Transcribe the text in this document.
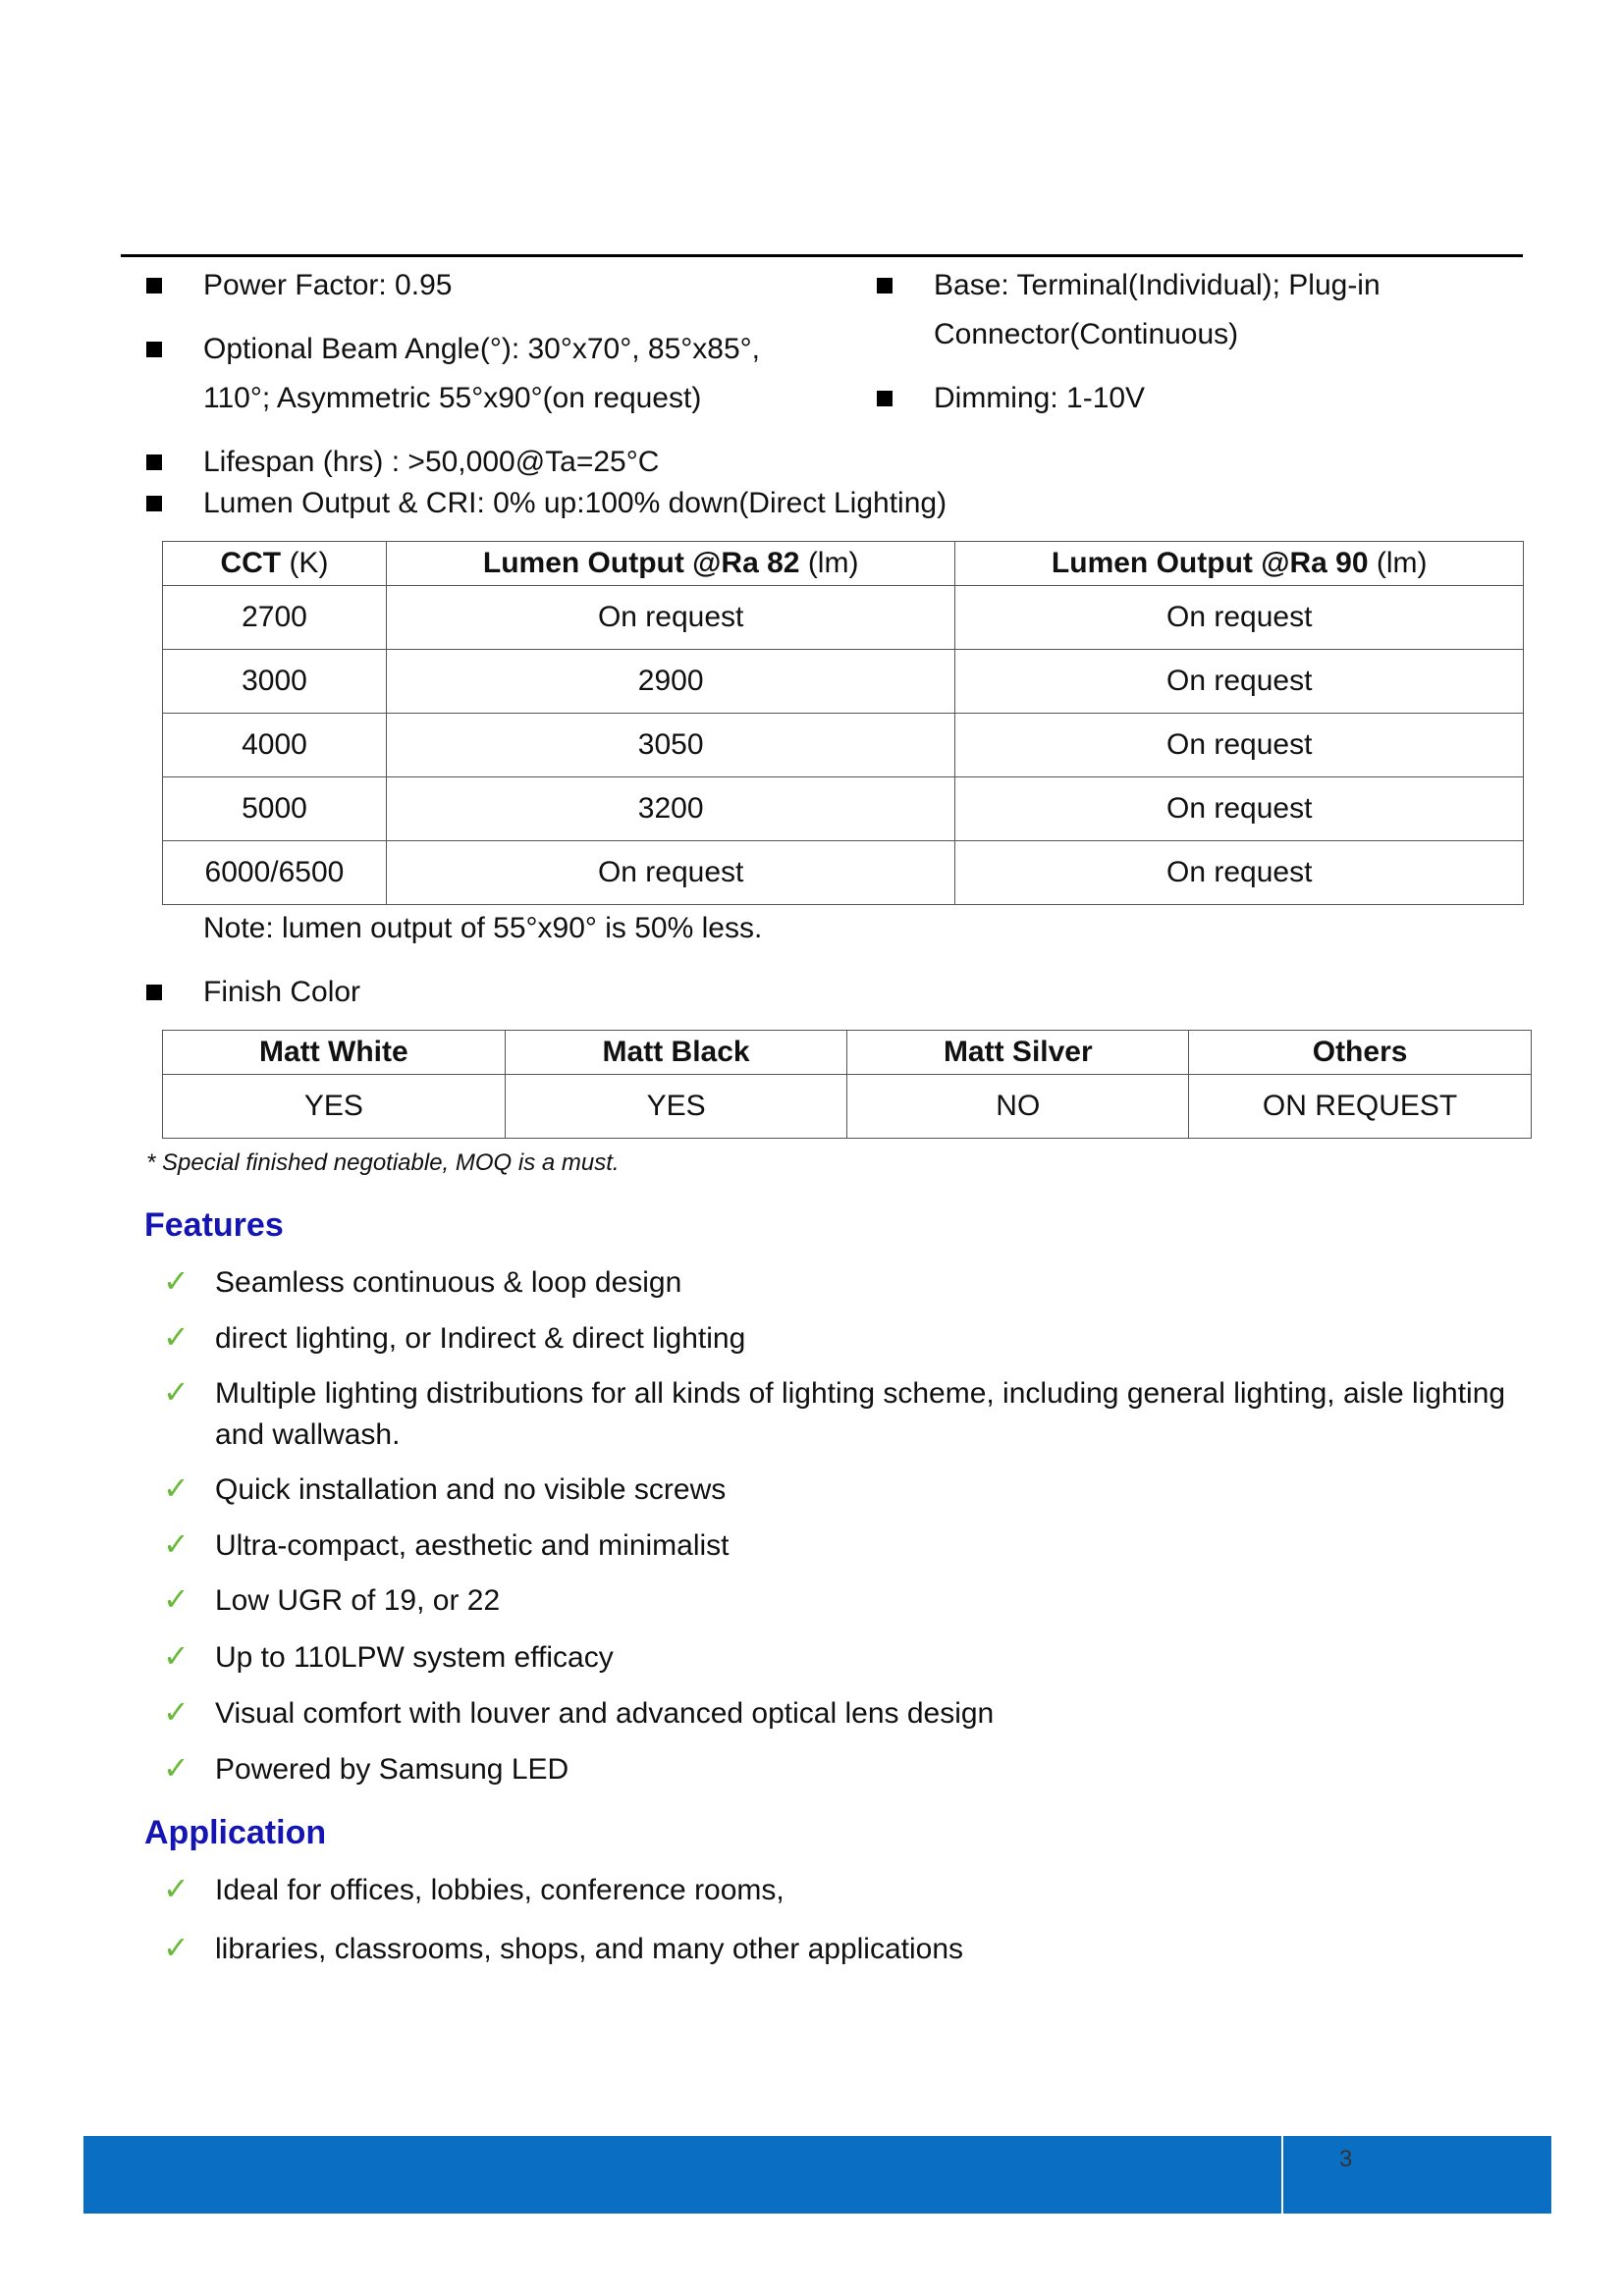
Power Factor: 0.95
Optional Beam Angle(°): 30°x70°, 85°x85°,
110°; Asymmetric 55°x90°(on request)
Lifespan (hrs) : >50,000@Ta=25°C
Lumen Output & CRI: 0% up:100% down(Direct Lighting)
Base: Terminal(Individual); Plug-in
Connector(Continuous)
Dimming: 1-10V
CCT (K)	Lumen Output @Ra 82 (lm)	Lumen Output @Ra 90 (lm)
2700	On request	On request
3000	2900	On request
4000	3050	On request
5000	3200	On request
6000/6500	On request	On request
Note: lumen output of 55°x90° is 50% less.
Finish Color
Matt White	Matt Black	Matt Silver	Others
YES	YES	NO	ON REQUEST
* Special finished negotiable, MOQ is a must.
Features
✓ Seamless continuous & loop design
✓ direct lighting, or Indirect & direct lighting
✓ Multiple lighting distributions for all kinds of lighting scheme, including general lighting, aisle lighting and wallwash.
✓ Quick installation and no visible screws
✓ Ultra-compact, aesthetic and minimalist
✓ Low UGR of 19, or 22
✓ Up to 110LPW system efficacy
✓ Visual comfort with louver and advanced optical lens design
✓ Powered by Samsung LED
Application
✓ Ideal for offices, lobbies, conference rooms,
✓ libraries, classrooms, shops, and many other applications
3
